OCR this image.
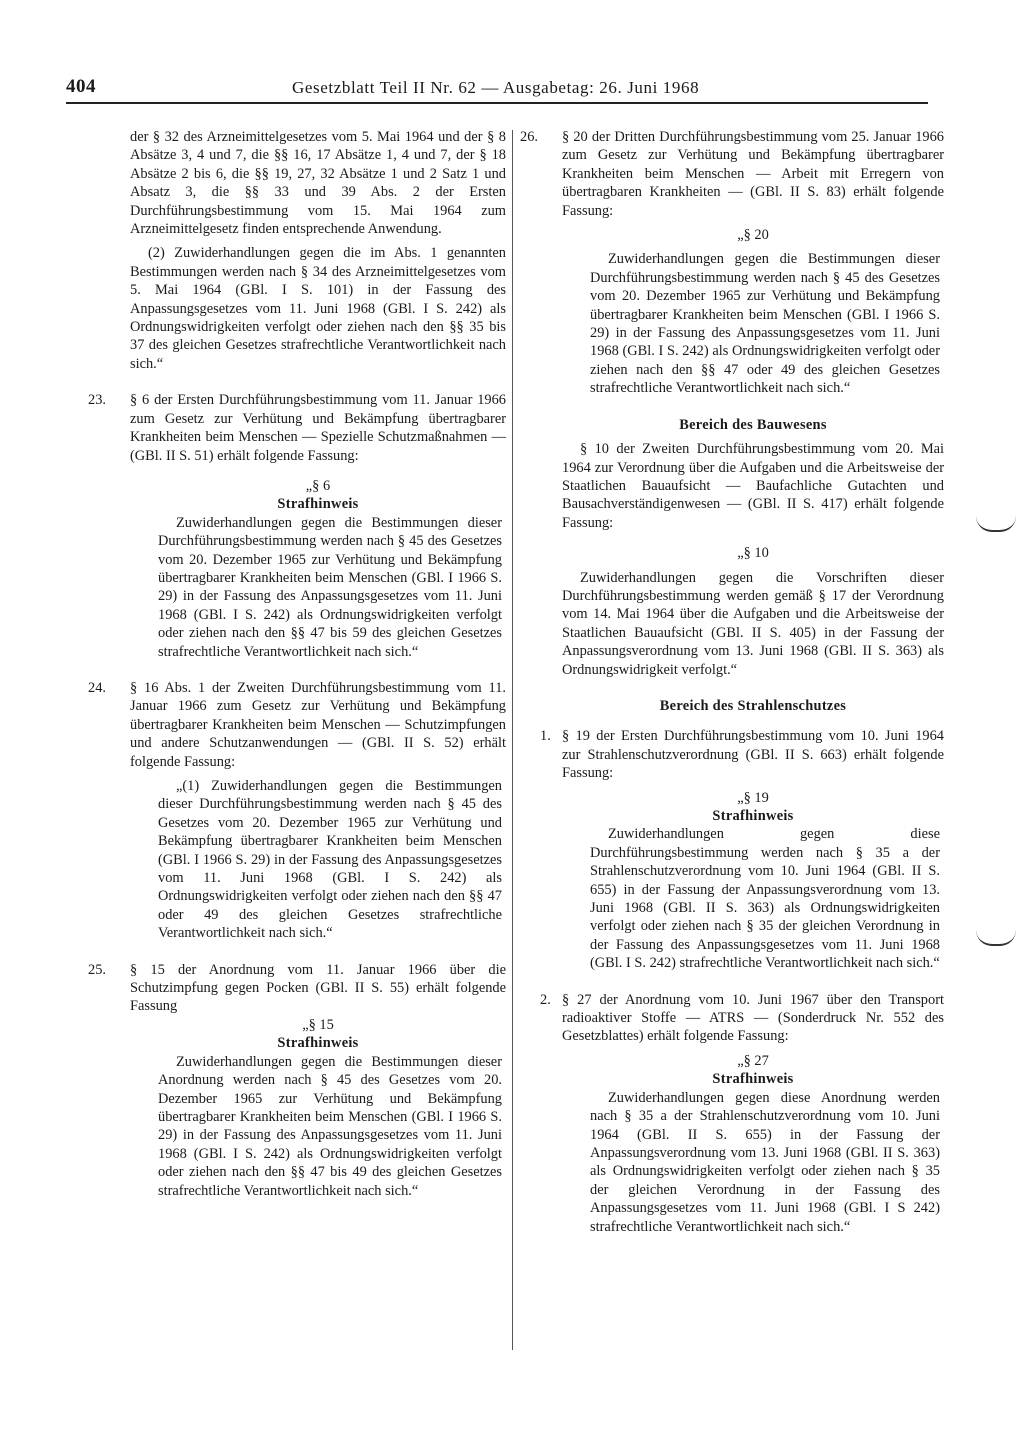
404	Gesetzblatt Teil II Nr. 62 — Ausgabetag: 26. Juni 1968

der § 32 des Arzneimittelgesetzes vom 5. Mai 1964 und der § 8 Absätze 3, 4 und 7, die §§ 16, 17 Absätze 1, 4 und 7, der § 18 Absätze 2 bis 6, die §§ 19, 27, 32 Absätze 1 und 2 Satz 1 und Absatz 3, die §§ 33 und 39 Abs. 2 der Ersten Durchführungsbestimmung vom 15. Mai 1964 zum Arzneimittelgesetz finden entsprechende Anwendung.

(2) Zuwiderhandlungen gegen die im Abs. 1 genannten Bestimmungen werden nach § 34 des Arzneimittelgesetzes vom 5. Mai 1964 (GBl. I S. 101) in der Fassung des Anpassungsgesetzes vom 11. Juni 1968 (GBl. I S. 242) als Ordnungswidrigkeiten verfolgt oder ziehen nach den §§ 35 bis 37 des gleichen Gesetzes strafrechtliche Verantwortlichkeit nach sich.“

23. § 6 der Ersten Durchführungsbestimmung vom 11. Januar 1966 zum Gesetz zur Verhütung und Bekämpfung übertragbarer Krankheiten beim Menschen — Spezielle Schutzmaßnahmen — (GBl. II S. 51) erhält folgende Fassung:

„§ 6

Strafhinweis

Zuwiderhandlungen gegen die Bestimmungen dieser Durchführungsbestimmung werden nach § 45 des Gesetzes vom 20. Dezember 1965 zur Verhütung und Bekämpfung übertragbarer Krankheiten beim Menschen (GBl. I 1966 S. 29) in der Fassung des Anpassungsgesetzes vom 11. Juni 1968 (GBl. I S. 242) als Ordnungswidrigkeiten verfolgt oder ziehen nach den §§ 47 bis 59 des gleichen Gesetzes strafrechtliche Verantwortlichkeit nach sich.“

24. § 16 Abs. 1 der Zweiten Durchführungsbestimmung vom 11. Januar 1966 zum Gesetz zur Verhütung und Bekämpfung übertragbarer Krankheiten beim Menschen — Schutzimpfungen und andere Schutzanwendungen — (GBl. II S. 52) erhält folgende Fassung:

„(1) Zuwiderhandlungen gegen die Bestimmungen dieser Durchführungsbestimmung werden nach § 45 des Gesetzes vom 20. Dezember 1965 zur Verhütung und Bekämpfung übertragbarer Krankheiten beim Menschen (GBl. I 1966 S. 29) in der Fassung des Anpassungsgesetzes vom 11. Juni 1968 (GBl. I S. 242) als Ordnungswidrigkeiten verfolgt oder ziehen nach den §§ 47 oder 49 des gleichen Gesetzes strafrechtliche Verantwortlichkeit nach sich.“

25. § 15 der Anordnung vom 11. Januar 1966 über die Schutzimpfung gegen Pocken (GBl. II S. 55) erhält folgende Fassung

„§ 15

Strafhinweis

Zuwiderhandlungen gegen die Bestimmungen dieser Anordnung werden nach § 45 des Gesetzes vom 20. Dezember 1965 zur Verhütung und Bekämpfung übertragbarer Krankheiten beim Menschen (GBl. I 1966 S. 29) in der Fassung des Anpassungsgesetzes vom 11. Juni 1968 (GBl. I S. 242) als Ordnungswidrigkeiten verfolgt oder ziehen nach den §§ 47 bis 49 des gleichen Gesetzes strafrechtliche Verantwortlichkeit nach sich.“

26. § 20 der Dritten Durchführungsbestimmung vom 25. Januar 1966 zum Gesetz zur Verhütung und Bekämpfung übertragbarer Krankheiten beim Menschen — Arbeit mit Erregern von übertragbaren Krankheiten — (GBl. II S. 83) erhält folgende Fassung:

„§ 20

Zuwiderhandlungen gegen die Bestimmungen dieser Durchführungsbestimmung werden nach § 45 des Gesetzes vom 20. Dezember 1965 zur Verhütung und Bekämpfung übertragbarer Krankheiten beim Menschen (GBl. I 1966 S. 29) in der Fassung des Anpassungsgesetzes vom 11. Juni 1968 (GBl. I S. 242) als Ordnungswidrigkeiten verfolgt oder ziehen nach den §§ 47 oder 49 des gleichen Gesetzes strafrechtliche Verantwortlichkeit nach sich.“

Bereich des Bauwesens

§ 10 der Zweiten Durchführungsbestimmung vom 20. Mai 1964 zur Verordnung über die Aufgaben und die Arbeitsweise der Staatlichen Bauaufsicht — Baufachliche Gutachten und Bausachverständigenwesen — (GBl. II S. 417) erhält folgende Fassung:

„§ 10

Zuwiderhandlungen gegen die Vorschriften dieser Durchführungsbestimmung werden gemäß § 17 der Verordnung vom 14. Mai 1964 über die Aufgaben und die Arbeitsweise der Staatlichen Bauaufsicht (GBl. II S. 405) in der Fassung der Anpassungsverordnung vom 13. Juni 1968 (GBl. II S. 363) als Ordnungswidrigkeit verfolgt.“

Bereich des Strahlenschutzes

1. § 19 der Ersten Durchführungsbestimmung vom 10. Juni 1964 zur Strahlenschutzverordnung (GBl. II S. 663) erhält folgende Fassung:

„§ 19

Strafhinweis

Zuwiderhandlungen gegen diese Durchführungsbestimmung werden nach § 35 a der Strahlenschutzverordnung vom 10. Juni 1964 (GBl. II S. 655) in der Fassung der Anpassungsverordnung vom 13. Juni 1968 (GBl. II S. 363) als Ordnungswidrigkeiten verfolgt oder ziehen nach § 35 der gleichen Verordnung in der Fassung des Anpassungsgesetzes vom 11. Juni 1968 (GBl. I S. 242) strafrechtliche Verantwortlichkeit nach sich.“

2. § 27 der Anordnung vom 10. Juni 1967 über den Transport radioaktiver Stoffe — ATRS — (Sonderdruck Nr. 552 des Gesetzblattes) erhält folgende Fassung:

„§ 27

Strafhinweis

Zuwiderhandlungen gegen diese Anordnung werden nach § 35 a der Strahlenschutzverordnung vom 10. Juni 1964 (GBl. II S. 655) in der Fassung der Anpassungsverordnung vom 13. Juni 1968 (GBl. II S. 363) als Ordnungswidrigkeiten verfolgt oder ziehen nach § 35 der gleichen Verordnung in der Fassung des Anpassungsgesetzes vom 11. Juni 1968 (GBl. I S 242) strafrechtliche Verantwortlichkeit nach sich.“
